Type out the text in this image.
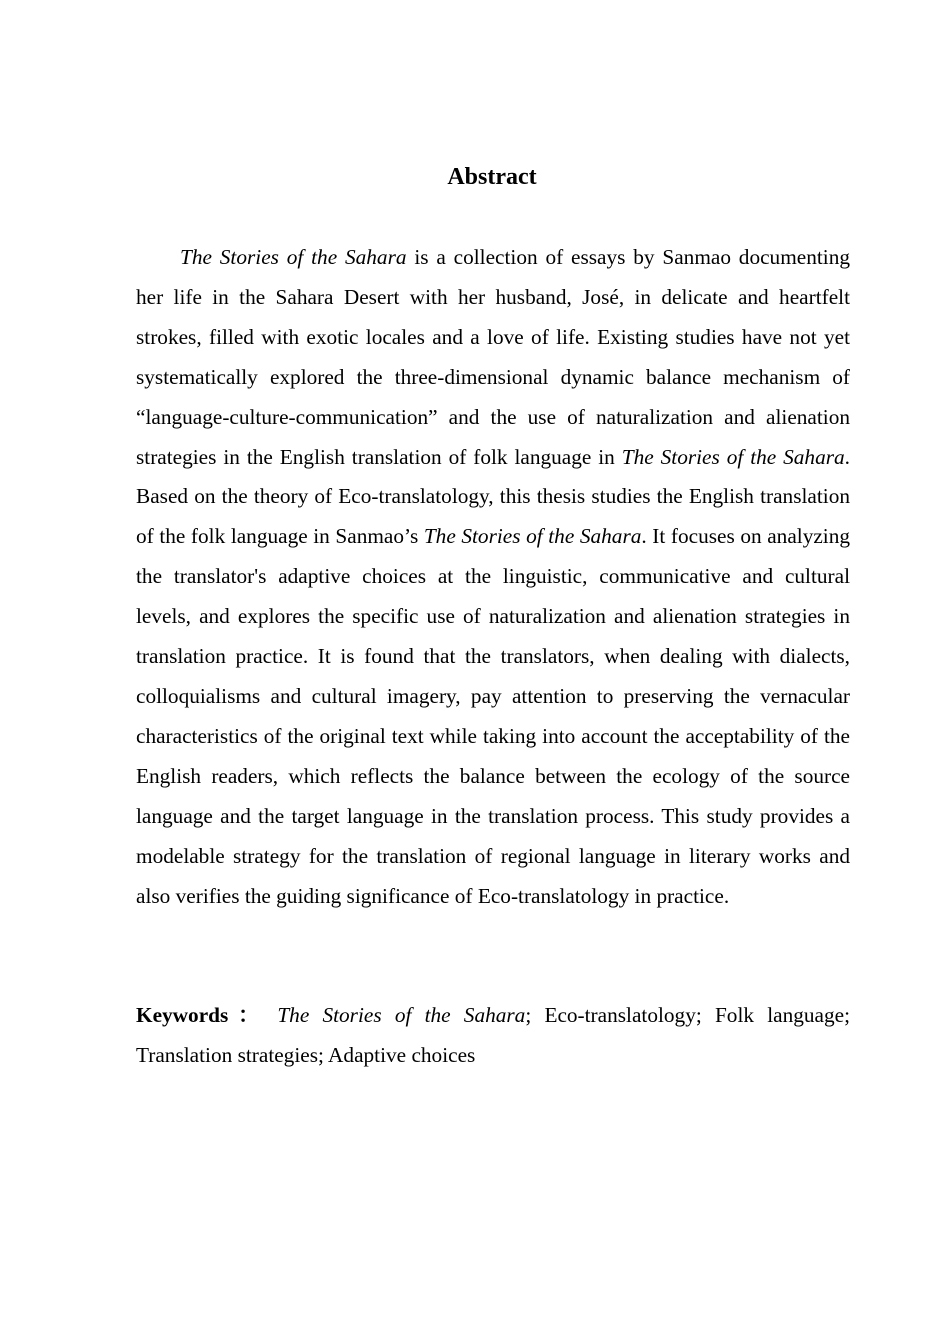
Abstract

The Stories of the Sahara is a collection of essays by Sanmao documenting her life in the Sahara Desert with her husband, José, in delicate and heartfelt strokes, filled with exotic locales and a love of life. Existing studies have not yet systematically explored the three-dimensional dynamic balance mechanism of “language-culture-communication” and the use of naturalization and alienation strategies in the English translation of folk language in The Stories of the Sahara. Based on the theory of Eco-translatology, this thesis studies the English translation of the folk language in Sanmao’s The Stories of the Sahara. It focuses on analyzing the translator's adaptive choices at the linguistic, communicative and cultural levels, and explores the specific use of naturalization and alienation strategies in translation practice. It is found that the translators, when dealing with dialects, colloquialisms and cultural imagery, pay attention to preserving the vernacular characteristics of the original text while taking into account the acceptability of the English readers, which reflects the balance between the ecology of the source language and the target language in the translation process. This study provides a modelable strategy for the translation of regional language in literary works and also verifies the guiding significance of Eco-translatology in practice.

Keywords： The Stories of the Sahara; Eco-translatology; Folk language; Translation strategies; Adaptive choices
